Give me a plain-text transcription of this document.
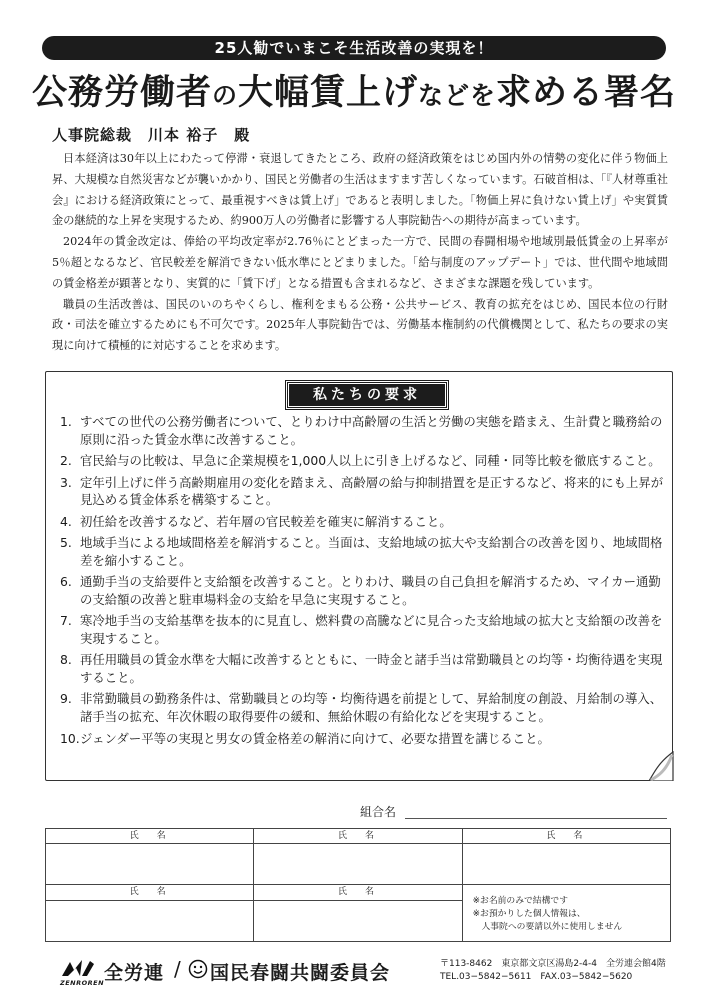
25人勧でいまこそ生活改善の実現を！
公務労働者の大幅賃上げなどを求める署名
人事院総裁　川本 裕子　殿

日本経済は30年以上にわたって停滞・衰退してきたところ、政府の経済政策をはじめ国内外の情勢の変化に伴う物価上昇、大規模な自然災害などが襲いかかり、国民と労働者の生活はますます苦しくなっています。石破首相は、「『人材尊重社会』における経済政策にとって、最重視すべきは賃上げ」であると表明しました。「物価上昇に負けない賃上げ」や実質賃金の継続的な上昇を実現するため、約900万人の労働者に影響する人事院勧告への期待が高まっています。

2024年の賃金改定は、俸給の平均改定率が2.76％にとどまった一方で、民間の春闘相場や地域別最低賃金の上昇率が5％超となるなど、官民較差を解消できない低水準にとどまりました。「給与制度のアップデート」では、世代間や地域間の賃金格差が顕著となり、実質的に「賃下げ」となる措置も含まれるなど、さまざまな課題を残しています。

職員の生活改善は、国民のいのちやくらし、権利をまもる公務・公共サービス、教育の拡充をはじめ、国民本位の行財政・司法を確立するためにも不可欠です。2025年人事院勧告では、労働基本権制約の代償機関として、私たちの要求の実現に向けて積極的に対応することを求めます。

私たちの要求
1. すべての世代の公務労働者について、とりわけ中高齢層の生活と労働の実態を踏まえ、生計費と職務給の原則に沿った賃金水準に改善すること。
2. 官民給与の比較は、早急に企業規模を1,000人以上に引き上げるなど、同種・同等比較を徹底すること。
3. 定年引上げに伴う高齢期雇用の変化を踏まえ、高齢層の給与抑制措置を是正するなど、将来的にも上昇が見込める賃金体系を構築すること。
4. 初任給を改善するなど、若年層の官民較差を確実に解消すること。
5. 地域手当による地域間格差を解消すること。当面は、支給地域の拡大や支給割合の改善を図り、地域間格差を縮小すること。
6. 通勤手当の支給要件と支給額を改善すること。とりわけ、職員の自己負担を解消するため、マイカー通勤の支給額の改善と駐車場料金の支給を早急に実現すること。
7. 寒冷地手当の支給基準を抜本的に見直し、燃料費の高騰などに見合った支給地域の拡大と支給額の改善を実現すること。
8. 再任用職員の賃金水準を大幅に改善するとともに、一時金と諸手当は常勤職員との均等・均衡待遇を実現すること。
9. 非常勤職員の勤務条件は、常勤職員との均等・均衡待遇を前提として、昇給制度の創設、月給制の導入、諸手当の拡充、年次休暇の取得要件の緩和、無給休暇の有給化などを実現すること。
10.ジェンダー平等の実現と男女の賃金格差の解消に向けて、必要な措置を講じること。
組合名
氏名	氏名	氏名

氏名	氏名	※お名前のみで結構です
※お預かりした個人情報は、
　人事院への要請以外に使用しません

ZENROREN 全労連 / 国民春闘共闘委員会	〒113-8462　東京都文京区湯島2-4-4　全労連会館4階
TEL.03−5842−5611　FAX.03−5842−5620
